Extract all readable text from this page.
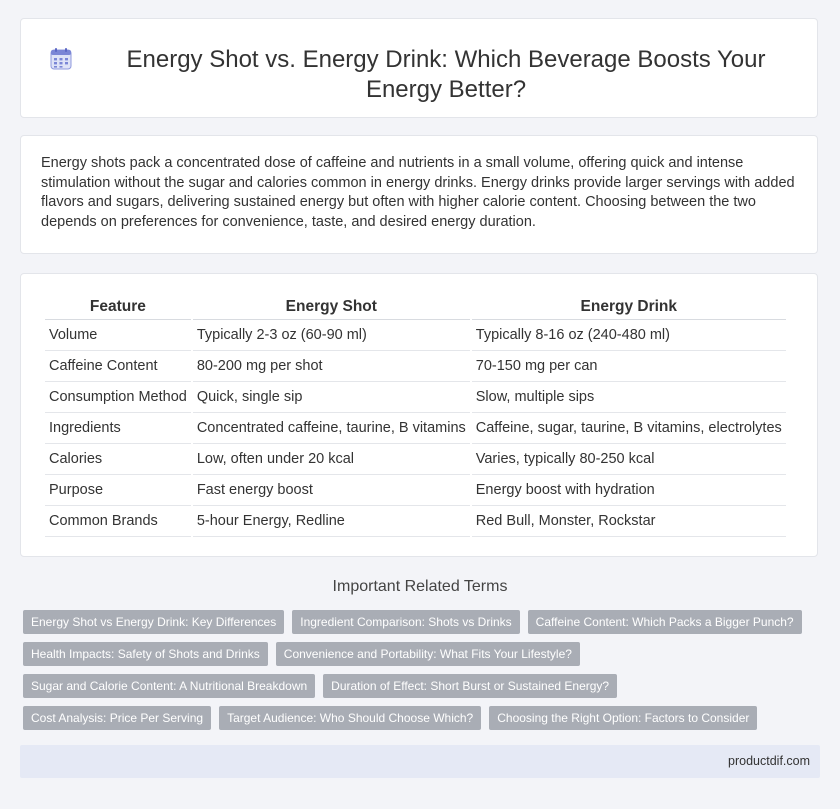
Energy Shot vs. Energy Drink: Which Beverage Boosts Your Energy Better?

Energy shots pack a concentrated dose of caffeine and nutrients in a small volume, offering quick and intense stimulation without the sugar and calories common in energy drinks. Energy drinks provide larger servings with added flavors and sugars, delivering sustained energy but often with higher calorie content. Choosing between the two depends on preferences for convenience, taste, and desired energy duration.

Feature	Energy Shot	Energy Drink
Volume	Typically 2-3 oz (60-90 ml)	Typically 8-16 oz (240-480 ml)
Caffeine Content	80-200 mg per shot	70-150 mg per can
Consumption Method	Quick, single sip	Slow, multiple sips
Ingredients	Concentrated caffeine, taurine, B vitamins	Caffeine, sugar, taurine, B vitamins, electrolytes
Calories	Low, often under 20 kcal	Varies, typically 80-250 kcal
Purpose	Fast energy boost	Energy boost with hydration
Common Brands	5-hour Energy, Redline	Red Bull, Monster, Rockstar
Important Related Terms
Energy Shot vs Energy Drink: Key Differences	Ingredient Comparison: Shots vs Drinks	Caffeine Content: Which Packs a Bigger Punch?
Health Impacts: Safety of Shots and Drinks	Convenience and Portability: What Fits Your Lifestyle?
Sugar and Calorie Content: A Nutritional Breakdown	Duration of Effect: Short Burst or Sustained Energy?
Cost Analysis: Price Per Serving	Target Audience: Who Should Choose Which?	Choosing the Right Option: Factors to Consider
productdif.com
